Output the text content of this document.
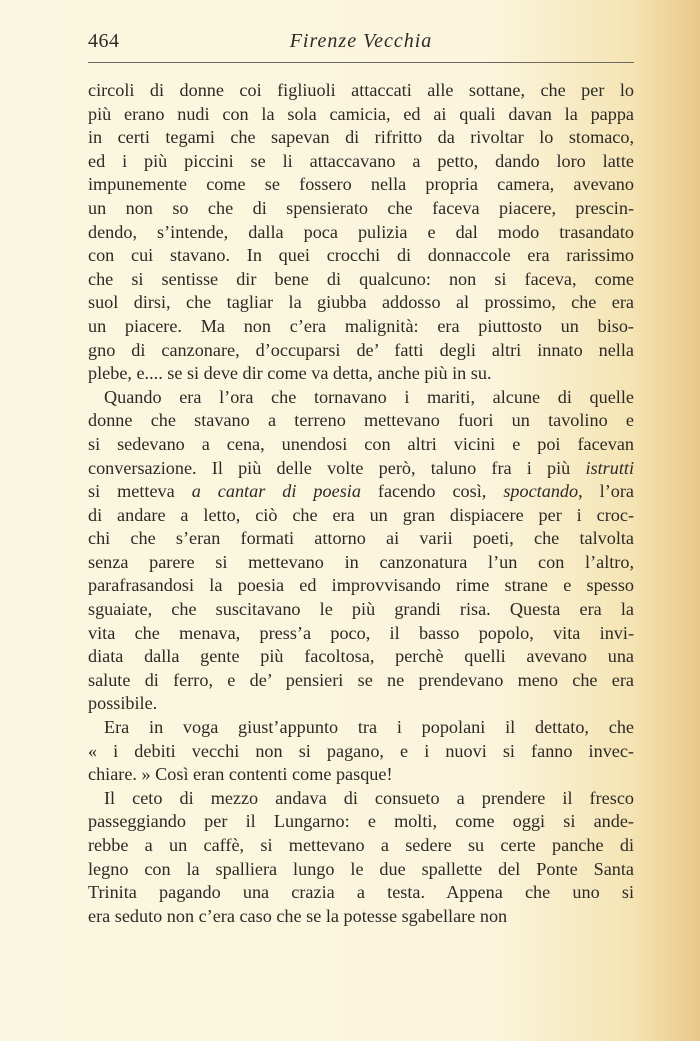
464	Firenze Vecchia
circoli di donne coi figliuoli attaccati alle sottane, che per lo
più erano nudi con la sola camicia, ed ai quali davan la pappa
in certi tegami che sapevan di rifritto da rivoltar lo stomaco,
ed i più piccini se li attaccavano a petto, dando loro latte
impunemente come se fossero nella propria camera, avevano
un non so che di spensierato che faceva piacere, prescin-
dendo, s’intende, dalla poca pulizia e dal modo trasandato
con cui stavano. In quei crocchi di donnaccole era rarissimo
che si sentisse dir bene di qualcuno: non si faceva, come
suol dirsi, che tagliar la giubba addosso al prossimo, che era
un piacere. Ma non c’era malignità: era piuttosto un biso-
gno di canzonare, d’occuparsi de’ fatti degli altri innato nella
plebe, e.... se si deve dir come va detta, anche più in su.
Quando era l’ora che tornavano i mariti, alcune di quelle
donne che stavano a terreno mettevano fuori un tavolino e
si sedevano a cena, unendosi con altri vicini e poi facevan
conversazione. Il più delle volte però, taluno fra i più istrutti
si metteva a cantar di poesia facendo così, spoctando, l’ora
di andare a letto, ciò che era un gran dispiacere per i croc-
chi che s’eran formati attorno ai varii poeti, che talvolta
senza parere si mettevano in canzonatura l’un con l’altro,
parafrasandosi la poesia ed improvvisando rime strane e spesso
sguaiate, che suscitavano le più grandi risa. Questa era la
vita che menava, press’a poco, il basso popolo, vita invi-
diata dalla gente più facoltosa, perchè quelli avevano una
salute di ferro, e de’ pensieri se ne prendevano meno che era
possibile.
Era in voga giust’appunto tra i popolani il dettato, che
« i debiti vecchi non si pagano, e i nuovi si fanno invec-
chiare. » Così eran contenti come pasque!
Il ceto di mezzo andava di consueto a prendere il fresco
passeggiando per il Lungarno: e molti, come oggi si ande-
rebbe a un caffè, si mettevano a sedere su certe panche di
legno con la spalliera lungo le due spallette del Ponte Santa
Trinita pagando una crazia a testa. Appena che uno si
era seduto non c’era caso che se la potesse sgabellare non
